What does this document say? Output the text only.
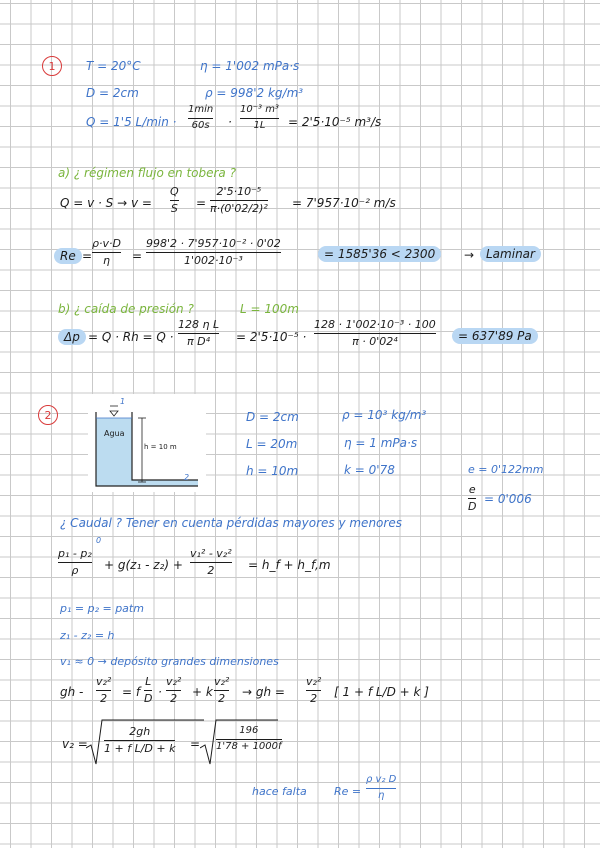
1	T = 20°C	η = 1'002 mPa·s
D = 2cm	ρ = 998'2 kg/m³
Q = 1'5 L/min ·
1min
60s ·
10⁻³ m³
1L = 2'5·10⁻⁵ m³/s
a) ¿ régimen flujo en tobera ?
Q = v · S → v =
Q
S =
2'5·10⁻⁵
π·(0'02/2)² = 7'957·10⁻² m/s
Re =
ρ·v·D
η =
998'2 · 7'957·10⁻² · 0'02
1'002·10⁻³	= 1585'36 < 2300	→ Laminar
b) ¿ caída de presión ?	L = 100m
Δp = Q · Rh = Q ·
128 η L
π D⁴ = 2'5·10⁻⁵ ·
128 · 1'002·10⁻³ · 100
π · 0'02⁴	= 637'89 Pa
2
Agua
h = 10 m
1
2
D = 2cm	ρ = 10³ kg/m³
L = 20m	η = 1 mPa·s
h = 10m	k = 0'78	e = 0'122mm
e
D
= 0'006
¿ Caudal ? Tener en cuenta pérdidas mayores y menores
0
p₁ - p₂
ρ + g(z₁ - z₂) +
v₁² - v₂²
2	= h_f + h_f,m
p₁ = p₂ = patm
z₁ - z₂ = h
v₁ ≈ 0 → depósito grandes dimensiones
gh -
v₂²
2 = f
L
D ·
v₂²
2 + k
v₂²
2 → gh =
v₂²
2 [ 1 + f L/D + k ]
v₂ =
2gh
1 + f L/D + k =
196
1'78 + 1000f
hace falta Re =
ρ v₂ D
η
